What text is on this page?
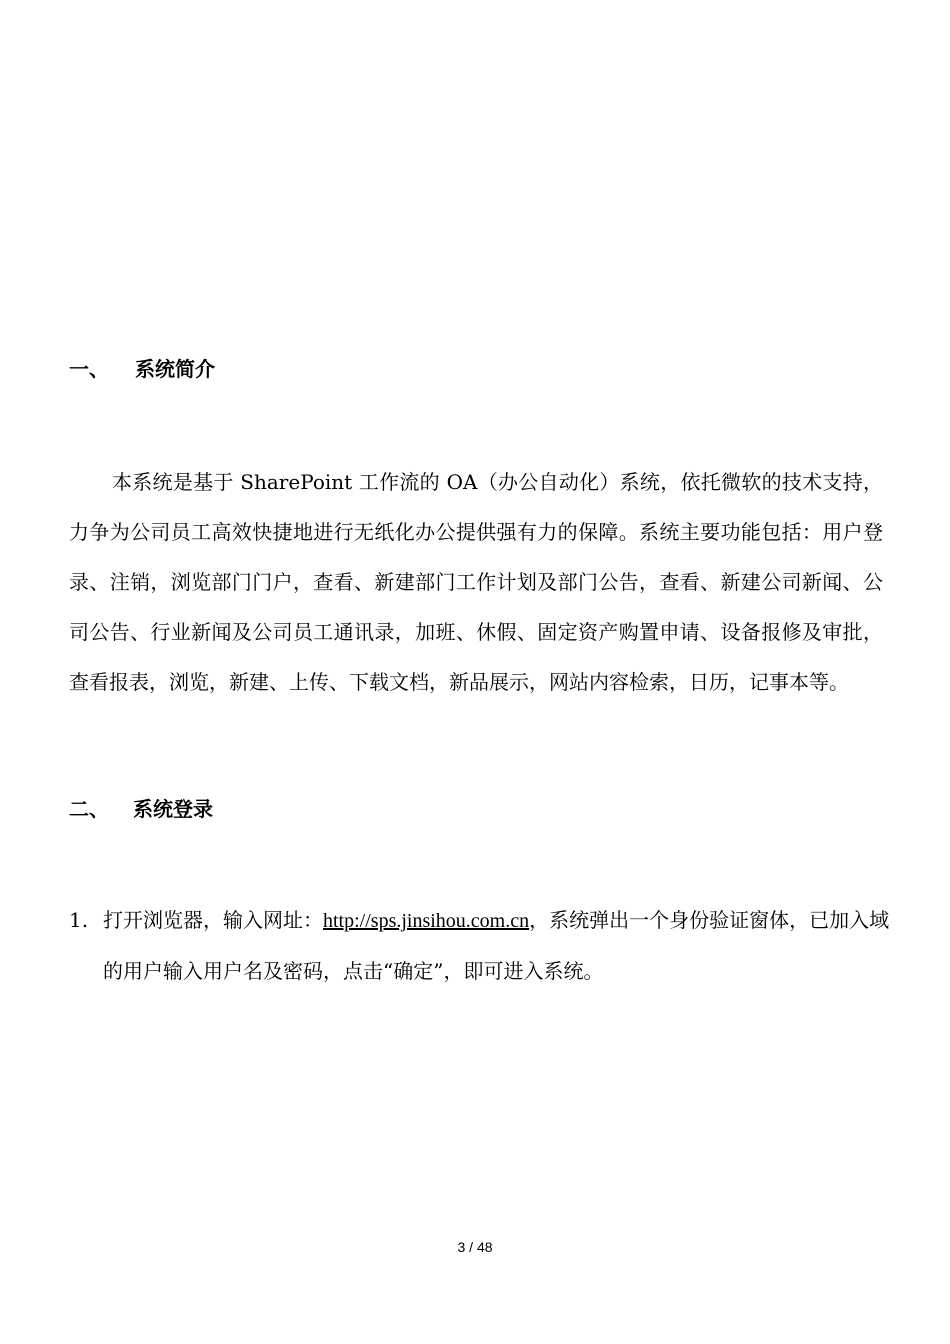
一、 系统简介

本系统是基于 SharePoint 工作流的 OA（办公自动化）系统，依托微软的技术支持，力争为公司员工高效快捷地进行无纸化办公提供强有力的保障。系统主要功能包括：用户登录、注销，浏览部门门户，查看、新建部门工作计划及部门公告，查看、新建公司新闻、公司公告、行业新闻及公司员工通讯录，加班、休假、固定资产购置申请、设备报修及审批，查看报表，浏览，新建、上传、下载文档，新品展示，网站内容检索，日历，记事本等。

二、 系统登录
1. 打开浏览器，输入网址：http://sps.jinsihou.com.cn，系统弹出一个身份验证窗体，已加入域的用户输入用户名及密码，点击“确定”，即可进入系统。
3 / 48
